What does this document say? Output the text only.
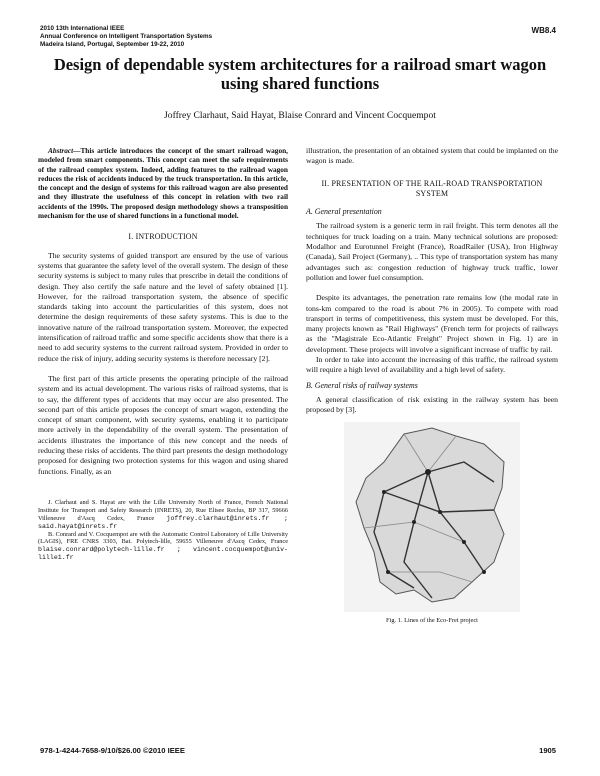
2010 13th International IEEE
Annual Conference on Intelligent Transportation Systems
Madeira Island, Portugal, September 19-22, 2010
WB8.4
Design of dependable system architectures for a railroad smart wagon using shared functions
Joffrey Clarhaut, Said Hayat, Blaise Conrard and Vincent Cocquempot

Abstract—This article introduces the concept of the smart railroad wagon, modeled from smart components. This concept can meet the safe requirements of the railroad complex system. Indeed, adding features to the railroad wagon reduces the risk of accidents induced by the truck transportation. In this article, the concept and the design of systems for this railroad wagon are also presented and they illustrate the usefulness of this concept in relation with two rail accidents of the 1990s. The proposed design methodology shows a transposition mechanism for the use of shared functions in a functional model.

I. INTRODUCTION

The security systems of guided transport are ensured by the use of various systems that guarantee the safety level of the overall system. The design of these security systems is subject to many rules that prescribe in detail the conditions of design. They also certify the safe nature and the level of safety obtained [1]. However, for the railroad transportation system, the absence of specific standards taking into account the particularities of this system, does not determine the design requirements of these safety systems. This is due to the innovative nature of the railroad transportation system. Moreover, the expected intensification of railroad traffic and some specific accidents show that there is a need to add security systems to the current railroad system. Provided in order to reduce the risk of injury, adding security systems is therefore necessary [2].

The first part of this article presents the operating principle of the railroad system and its actual development. The various risks of railroad systems, that is to say, the different types of accidents that may occur are also presented. The second part of this article proposes the concept of smart wagon, extending the concept of smart component, with security systems, enabling it to participate more actively in the dependability of the overall system. The presentation of accidents illustrates the importance of this new concept and the needs of reducing these risks of accidents. The third part presents the design methodology proposed for designing two protection systems for this wagon and using shared functions. Finally, as an

J. Clarhaut and S. Hayat are with the Lille University North of France, French National Institute for Transport and Safety Research (INRETS), 20, Rue Elisee Reclus, BP 317, 59666 Villeneuve d'Ascq Cedex, France joffrey.clarhaut@inrets.fr ; said.hayat@inrets.fr

B. Conrard and V. Cocquempot are with the Automatic Control Laboratory of Lille University (LAGIS), FRE CNRS 3303, Bat. Polytech-lille, 59655 Villeneuve d'Ascq Cedex, France blaise.conrard@polytech-lille.fr ; vincent.cocquempot@univ-lille1.fr

illustration, the presentation of an obtained system that could be implanted on the wagon is made.

II. PRESENTATION OF THE RAIL-ROAD TRANSPORTATION SYSTEM
A. General presentation

The railroad system is a generic term in rail freight. This term denotes all the techniques for truck loading on a train. Many technical solutions are proposed: Modalhor and Eurotunnel Freight (France), RoadRailer (USA), Iron Highway (Canada), Sail Project (Germany), .. This type of transportation system has many advantages such as: congestion reduction of highway truck traffic, lower pollution and lower fuel consumption.

Despite its advantages, the penetration rate remains low (the modal rate in tons-km compared to the road is about 7% in 2005). To compete with road transport in terms of competitiveness, this system must be developed. For this, many projects known as "Rail Highways" (French term for projects of railways as the "Magistrale Eco-Atlantic Freight" Project shown in Fig. 1) are in development. These projects will involve a significant increase of traffic by rail.

In order to take into account the increasing of this traffic, the railroad system will require a high level of availability and a high level of safety.

B. General risks of railway systems

A general classification of risk existing in the railway system has been proposed by [3].

Fig. 1. Lines of the Eco-Fret project
978-1-4244-7658-9/10/$26.00 ©2010 IEEE	1905
